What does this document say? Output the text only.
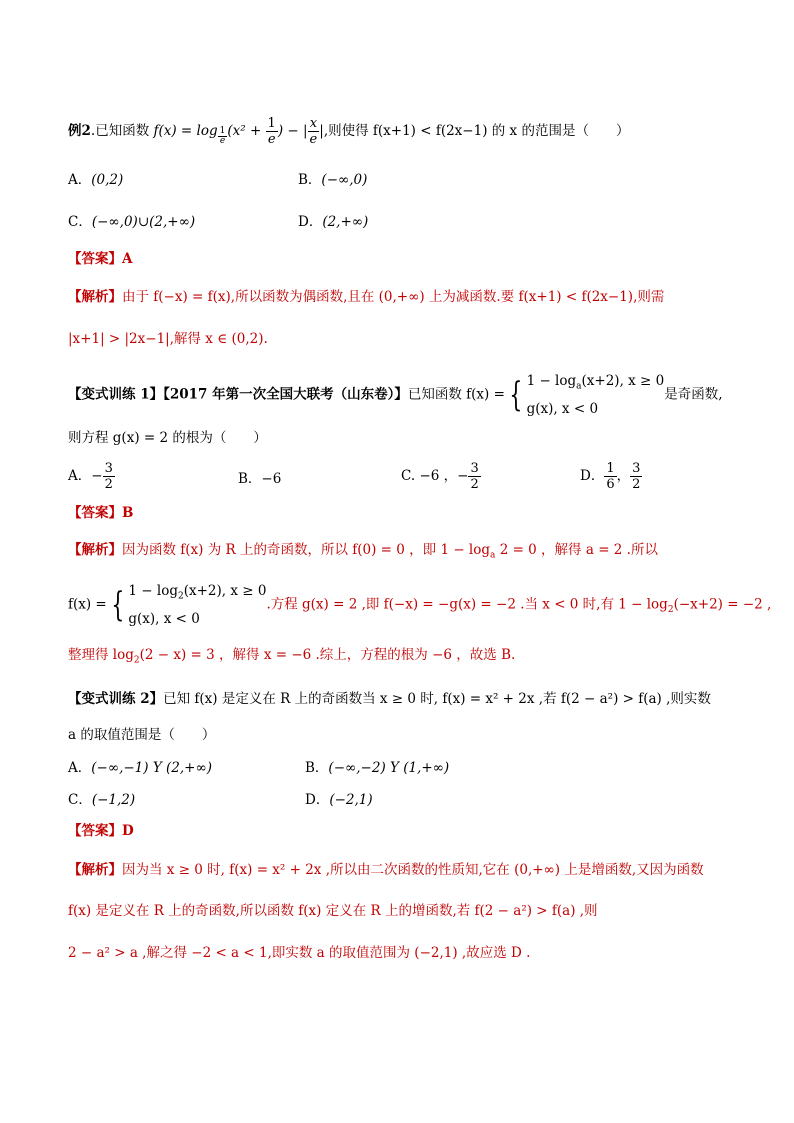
例2.已知函数 $f(x) = \log \frac{1}{e} (x^2 + \frac{1}{e}$ ) − | $\frac{x}{e}$ |,则使得 f(x+1) < f(2x−1) 的 x 的范围是（　　）
A．(0,2)	B．(−∞,0)
C．(−∞,0)∪(2,+∞)	D．(2,+∞)
【答案】A
【解析】由于 f(−x) = f(x),所以函数为偶函数,且在 (0,+∞) 上为减函数.要 f(x+1) < f(2x−1),则需
|x+1| > |2x−1|,解得 x ∈ (0,2).
【变式训练 1】【2017 年第一次全国大联考（山东卷）】已知函数 f(x) = { $1 - \log_a(x+2)$, x ≥ 0
g(x), x < 0
是奇函数,
则方程 g(x) = 2 的根为（　　）
A．− $\frac{3}{2}$	B．−6	C. −6 ，− $\frac{3}{2}$	D． $\frac{1}{6}$ ， $\frac{3}{2}$
【答案】B
【解析】因为函数 f(x) 为 R 上的奇函数，所以 f(0) = 0 ，即 $1 - \log_a 2 = 0$ ，解得 a = 2 .所以
f(x) = { $1 - \log_2(x+2)$, x ≥ 0
g(x), x < 0
.方程 g(x) = 2 ,即 f(−x) = −g(x) = −2 .当 x < 0 时,有 $1 - \log_2(-x+2) = -2$ ,
整理得 $\log_2(2 - x) = 3$ ，解得 x = −6 .综上，方程的根为 −6 ，故选 B.
【变式训练 2】已知 f(x) 是定义在 R 上的奇函数当 x ≥ 0 时, f(x) = x² + 2x ,若 f(2 − a²) > f(a) ,则实数
a 的取值范围是（　　）
A．(−∞,−1) Y (2,+∞)	B．(−∞,−2) Y (1,+∞)
C．(−1,2)	D．(−2,1)
【答案】D
【解析】因为当 x ≥ 0 时, f(x) = x² + 2x ,所以由二次函数的性质知,它在 (0,+∞) 上是增函数,又因为函数
f(x) 是定义在 R 上的奇函数,所以函数 f(x) 定义在 R 上的增函数,若 f(2 − a²) > f(a) ,则
2 − a² > a ,解之得 −2 < a < 1,即实数 a 的取值范围为 (−2,1) ,故应选 D .
